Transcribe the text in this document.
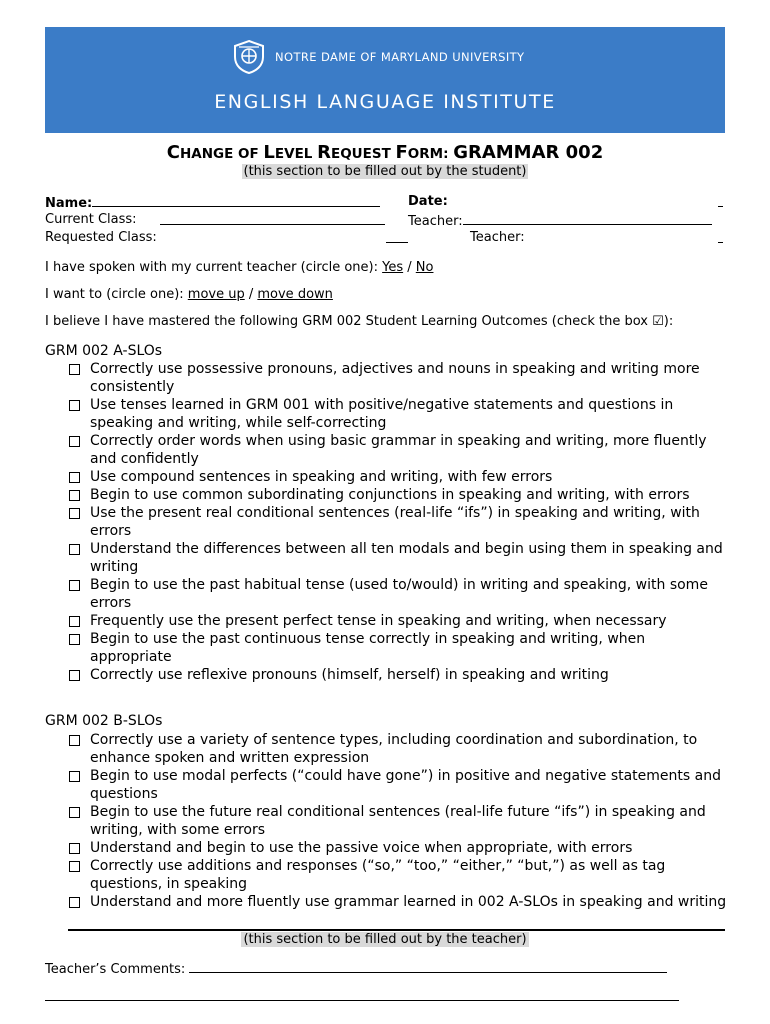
NOTRE DAME OF MARYLAND UNIVERSITY
ENGLISH LANGUAGE INSTITUTE
CHANGE OF LEVEL REQUEST FORM: GRAMMAR 002
(this section to be filled out by the student)
Name:	Date:
Current Class:	Teacher:
Requested Class:	Teacher:
I have spoken with my current teacher (circle one): Yes / No
I want to (circle one): move up / move down
I believe I have mastered the following GRM 002 Student Learning Outcomes (check the box ☑):
GRM 002 A-SLOs
Correctly use possessive pronouns, adjectives and nouns in speaking and writing more consistently
Use tenses learned in GRM 001 with positive/negative statements and questions in speaking and writing, while self-correcting
Correctly order words when using basic grammar in speaking and writing, more fluently and confidently
Use compound sentences in speaking and writing, with few errors
Begin to use common subordinating conjunctions in speaking and writing, with errors
Use the present real conditional sentences (real-life “ifs”) in speaking and writing, with errors
Understand the differences between all ten modals and begin using them in speaking and writing
Begin to use the past habitual tense (used to/would) in writing and speaking, with some errors
Frequently use the present perfect tense in speaking and writing, when necessary
Begin to use the past continuous tense correctly in speaking and writing, when appropriate
Correctly use reflexive pronouns (himself, herself) in speaking and writing
GRM 002 B-SLOs
Correctly use a variety of sentence types, including coordination and subordination, to enhance spoken and written expression
Begin to use modal perfects (“could have gone”) in positive and negative statements and questions
Begin to use the future real conditional sentences (real-life future “ifs”) in speaking and writing, with some errors
Understand and begin to use the passive voice when appropriate, with errors
Correctly use additions and responses (“so,” “too,” “either,” “but,”) as well as tag questions, in speaking
Understand and more fluently use grammar learned in 002 A-SLOs in speaking and writing
(this section to be filled out by the teacher)
Teacher’s Comments:
